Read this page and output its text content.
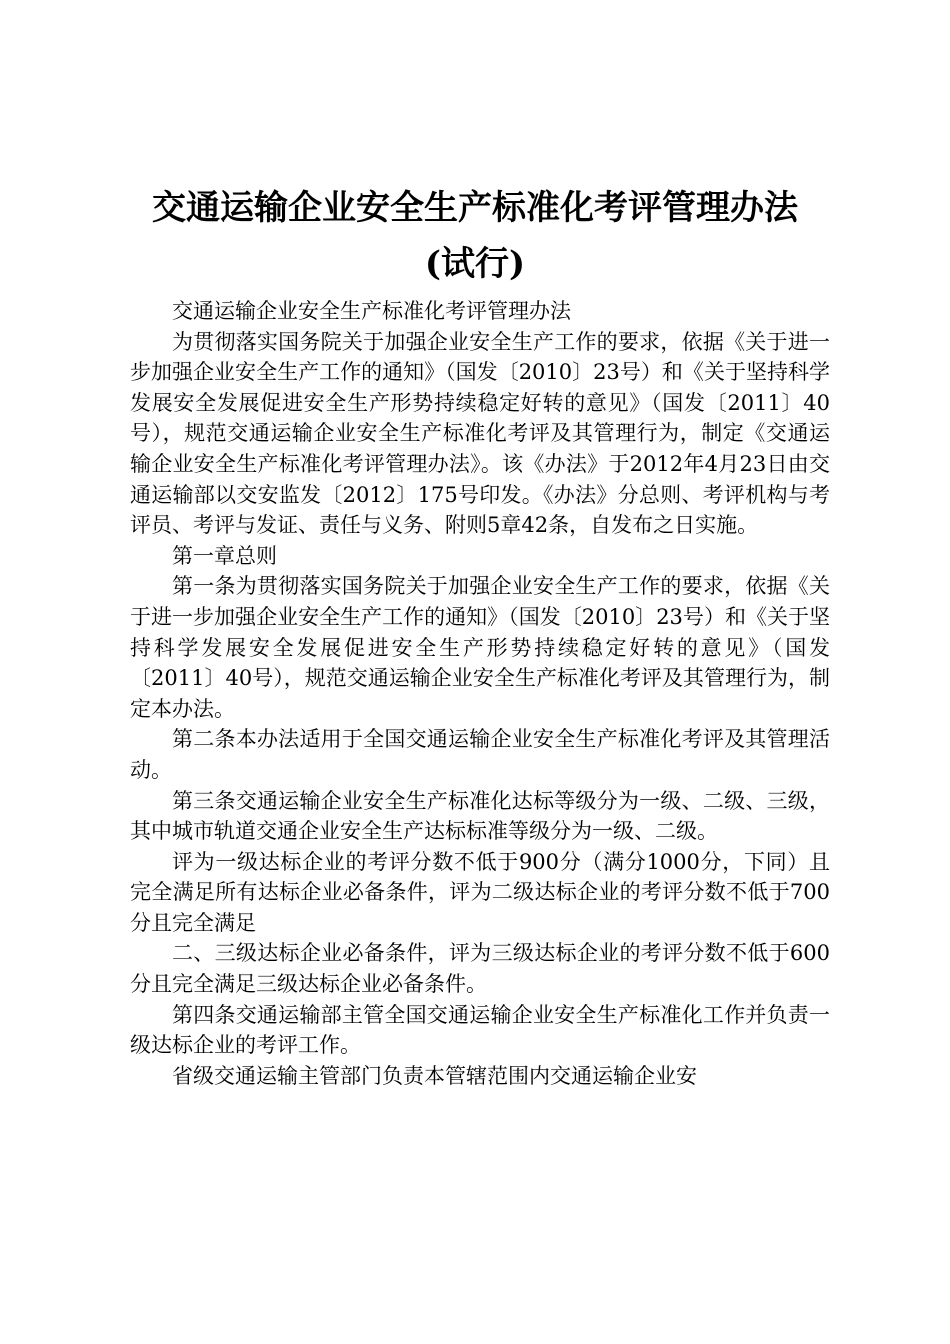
交通运输企业安全生产标准化考评管理办法
(试行)

交通运输企业安全生产标准化考评管理办法

为贯彻落实国务院关于加强企业安全生产工作的要求，依据《关于进一步加强企业安全生产工作的通知》（国发〔2010〕23号）和《关于坚持科学发展安全发展促进安全生产形势持续稳定好转的意见》（国发〔2011〕40号），规范交通运输企业安全生产标准化考评及其管理行为，制定《交通运输企业安全生产标准化考评管理办法》。该《办法》于2012年4月23日由交通运输部以交安监发〔2012〕175号印发。《办法》分总则、考评机构与考评员、考评与发证、责任与义务、附则5章42条，自发布之日实施。

第一章总则

第一条为贯彻落实国务院关于加强企业安全生产工作的要求，依据《关于进一步加强企业安全生产工作的通知》（国发〔2010〕23号）和《关于坚持科学发展安全发展促进安全生产形势持续稳定好转的意见》（国发〔2011〕40号），规范交通运输企业安全生产标准化考评及其管理行为，制定本办法。

第二条本办法适用于全国交通运输企业安全生产标准化考评及其管理活动。

第三条交通运输企业安全生产标准化达标等级分为一级、二级、三级，其中城市轨道交通企业安全生产达标标准等级分为一级、二级。

评为一级达标企业的考评分数不低于900分（满分1000分，下同）且完全满足所有达标企业必备条件，评为二级达标企业的考评分数不低于700分且完全满足

二、三级达标企业必备条件，评为三级达标企业的考评分数不低于600分且完全满足三级达标企业必备条件。

第四条交通运输部主管全国交通运输企业安全生产标准化工作并负责一级达标企业的考评工作。

省级交通运输主管部门负责本管辖范围内交通运输企业安
